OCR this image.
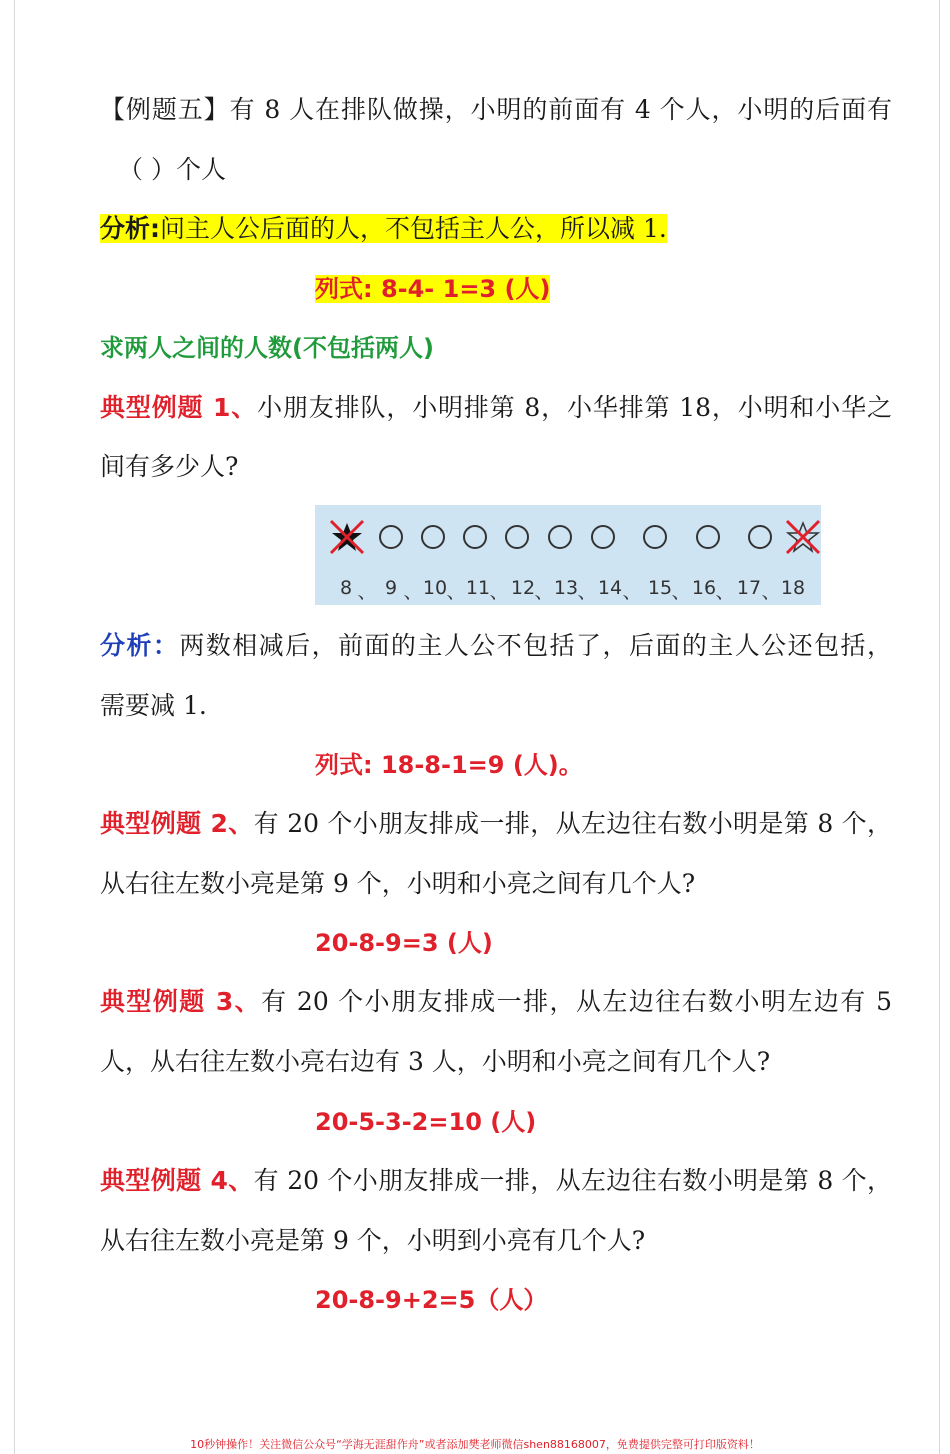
【例题五】有 8 人在排队做操，小明的前面有 4 个人，小明的后面有
（ ）个人
分析:问主人公后面的人，不包括主人公，所以减 1.
列式: 8-4- 1=3 (人)
求两人之间的人数(不包括两人)
典型例题 1、小朋友排队，小明排第 8，小华排第 18，小明和小华之
间有多少人?
8 、 9 、 10 、 11 、 12 、 13 、 14 、 15 、 16 、 17 、 18
分析：两数相减后，前面的主人公不包括了，后面的主人公还包括，
需要减 1.
列式: 18-8-1=9 (人)。
典型例题 2、有 20 个小朋友排成一排，从左边往右数小明是第 8 个，
从右往左数小亮是第 9 个，小明和小亮之间有几个人?
20-8-9=3 (人)
典型例题 3、有 20 个小朋友排成一排，从左边往右数小明左边有 5
人，从右往左数小亮右边有 3 人，小明和小亮之间有几个人?
20-5-3-2=10 (人)
典型例题 4、有 20 个小朋友排成一排，从左边往右数小明是第 8 个，
从右往左数小亮是第 9 个，小明到小亮有几个人?
20-8-9+2=5（人）
10秒钟操作！关注微信公众号“学海无涯甜作舟”或者添加樊老师微信shen88168007，免费提供完整可打印版资料！
